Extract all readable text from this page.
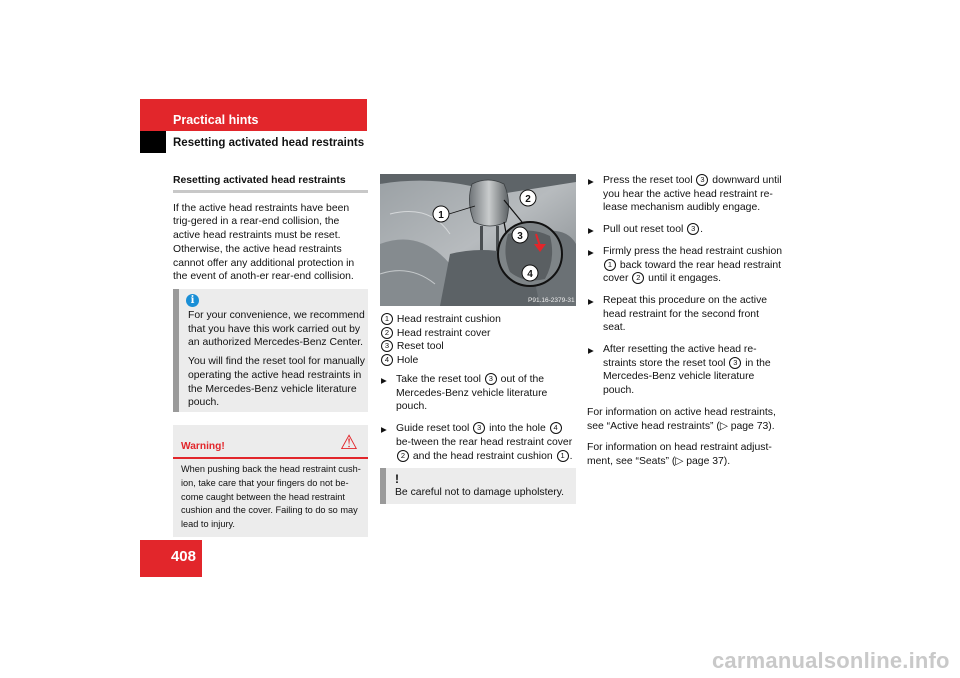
Practical hints
Resetting activated head restraints
Resetting activated head restraints

If the active head restraints have been trig-gered in a rear-end collision, the active head restraints must be reset. Otherwise, the active head restraints cannot offer any additional protection in the event of anoth-er rear-end collision.

i

For your convenience, we recommend that you have this work carried out by an authorized Mercedes-Benz Center.

You will find the reset tool for manually operating the active head restraints in the Mercedes-Benz vehicle literature pouch.

Warning!	⚠
When pushing back the head restraint cush-ion, take care that your fingers do not be-come caught between the head restraint cushion and the cover. Failing to do so may lead to injury.
1
2
3
4
P91.16-2379-31
1 Head restraint cushion
2 Head restraint cover
3 Reset tool
4 Hole
▶ Take the reset tool 3 out of the Mercedes-Benz vehicle literature pouch.
▶ Guide reset tool 3 into the hole 4 be-tween the rear head restraint cover 2 and the head restraint cushion 1 .
!
Be careful not to damage upholstery.
▶ Press the reset tool 3 downward until you hear the active head restraint re-lease mechanism audibly engage.
▶ Pull out reset tool 3 .
▶ Firmly press the head restraint cushion 1 back toward the rear head restraint cover 2 until it engages.
▶ Repeat this procedure on the active head restraint for the second front seat.
▶ After resetting the active head re-straints store the reset tool 3 in the Mercedes-Benz vehicle literature pouch.

For information on active head restraints, see “Active head restraints” (▷ page 73).

For information on head restraint adjust-ment, see “Seats” (▷ page 37).

408
carmanualsonline.info
